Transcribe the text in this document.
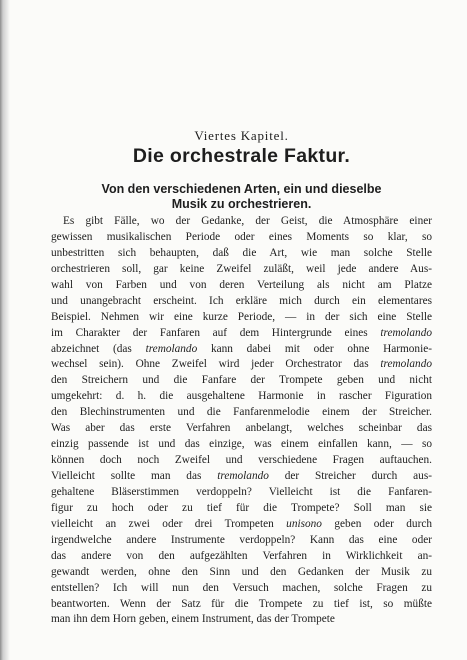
Viertes Kapitel.
Die orchestrale Faktur.
Von den verschiedenen Arten, ein und dieselbe
Musik zu orchestrieren.
Es gibt Fälle, wo der Gedanke, der Geist, die Atmosphäre einer
gewissen musikalischen Periode oder eines Moments so klar, so
unbestritten sich behaupten, daß die Art, wie man solche Stelle
orchestrieren soll, gar keine Zweifel zuläßt, weil jede andere Aus-
wahl von Farben und von deren Verteilung als nicht am Platze
und unangebracht erscheint. Ich erkläre mich durch ein elementares
Beispiel. Nehmen wir eine kurze Periode, — in der sich eine Stelle
im Charakter der Fanfaren auf dem Hintergrunde eines tremolando
abzeichnet (das tremolando kann dabei mit oder ohne Harmonie-
wechsel sein). Ohne Zweifel wird jeder Orchestrator das tremolando
den Streichern und die Fanfare der Trompete geben und nicht
umgekehrt: d. h. die ausgehaltene Harmonie in rascher Figuration
den Blechinstrumenten und die Fanfarenmelodie einem der Streicher.
Was aber das erste Verfahren anbelangt, welches scheinbar das
einzig passende ist und das einzige, was einem einfallen kann, — so
können doch noch Zweifel und verschiedene Fragen auftauchen.
Vielleicht sollte man das tremolando der Streicher durch aus-
gehaltene Bläserstimmen verdoppeln? Vielleicht ist die Fanfaren-
figur zu hoch oder zu tief für die Trompete? Soll man sie
vielleicht an zwei oder drei Trompeten unisono geben oder durch
irgendwelche andere Instrumente verdoppeln? Kann das eine oder
das andere von den aufgezählten Verfahren in Wirklichkeit an-
gewandt werden, ohne den Sinn und den Gedanken der Musik zu
entstellen? Ich will nun den Versuch machen, solche Fragen zu
beantworten. Wenn der Satz für die Trompete zu tief ist, so müßte
man ihn dem Horn geben, einem Instrument, das der Trompete
